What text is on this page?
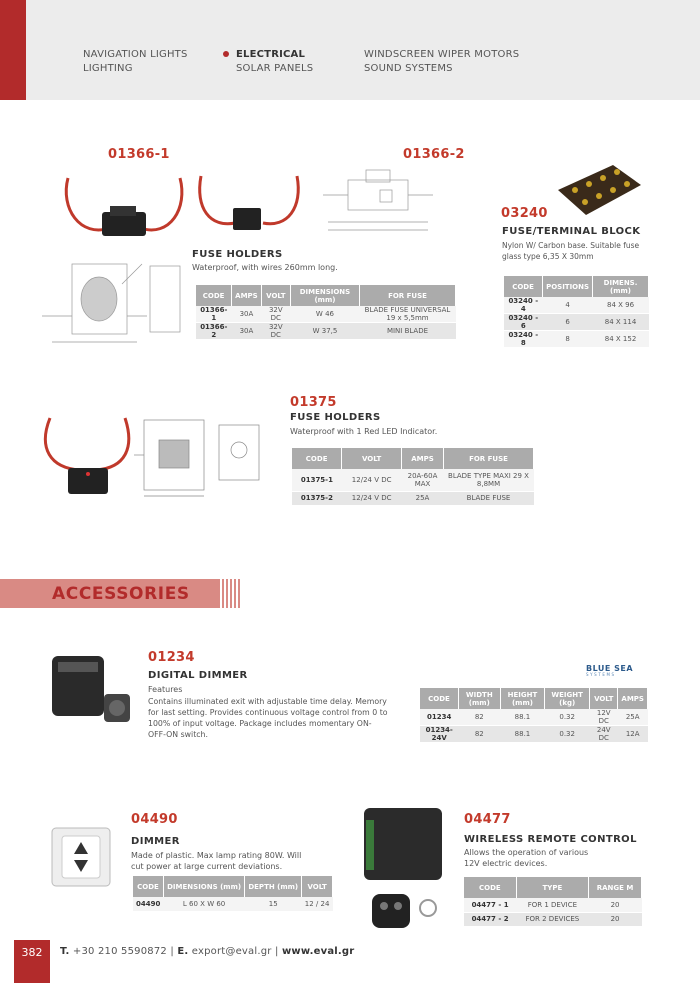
NAVIGATION LIGHTS
LIGHTING
ELECTRICAL
SOLAR PANELS
WINDSCREEN WIPER MOTORS
SOUND SYSTEMS
01366-1	01366-2
FUSE HOLDERS
Waterproof, with wires 260mm long.
CODE	AMPS	VOLT	DIMENSIONS (mm)	FOR FUSE
01366-1	30A	32V DC	W 46	BLADE FUSE UNIVERSAL 19 x 5,5mm
01366-2	30A	32V DC	W 37,5	MINI BLADE
03240
FUSE/TERMINAL BLOCK
Nylon W/ Carbon base. Suitable fuse
glass type 6,35 X 30mm
CODE	POSITIONS	DIMENS. (mm)
03240 - 4	4	84 X 96
03240 - 6	6	84 X 114
03240 - 8	8	84 X 152
01375
FUSE HOLDERS
Waterproof with 1 Red LED Indicator.
CODE	VOLT	AMPS	FOR FUSE
01375-1	12/24 V DC	20A-60A MAX	BLADE TYPE MAXI 29 X 8,8MM
01375-2	12/24 V DC	25A	BLADE FUSE
ACCESSORIES
01234
DIGITAL DIMMER
Features
Contains illuminated exit with adjustable time delay. Memory
for last setting. Provides continuous voltage control from 0 to
100% of input voltage. Package includes momentary ON-
OFF-ON switch.
BLUE SEA
SYSTEMS
CODE	WIDTH (mm)	HEIGHT (mm)	WEIGHT (kg)	VOLT	AMPS
01234	82	88.1	0.32	12V DC	25A
01234-24V	82	88.1	0.32	24V DC	12A
04490
DIMMER
Made of plastic. Max lamp rating 80W. Will
cut power at large current deviations.
CODE	DIMENSIONS (mm)	DEPTH (mm)	VOLT
04490	L 60 X W 60	15	12 / 24
04477
WIRELESS REMOTE CONTROL
Allows the operation of various
12V electric devices.
CODE	TYPE	RANGE M
04477 - 1	FOR 1 DEVICE	20
04477 - 2	FOR 2 DEVICES	20
382	T. +30 210 5590872 | E. export@eval.gr | www.eval.gr
